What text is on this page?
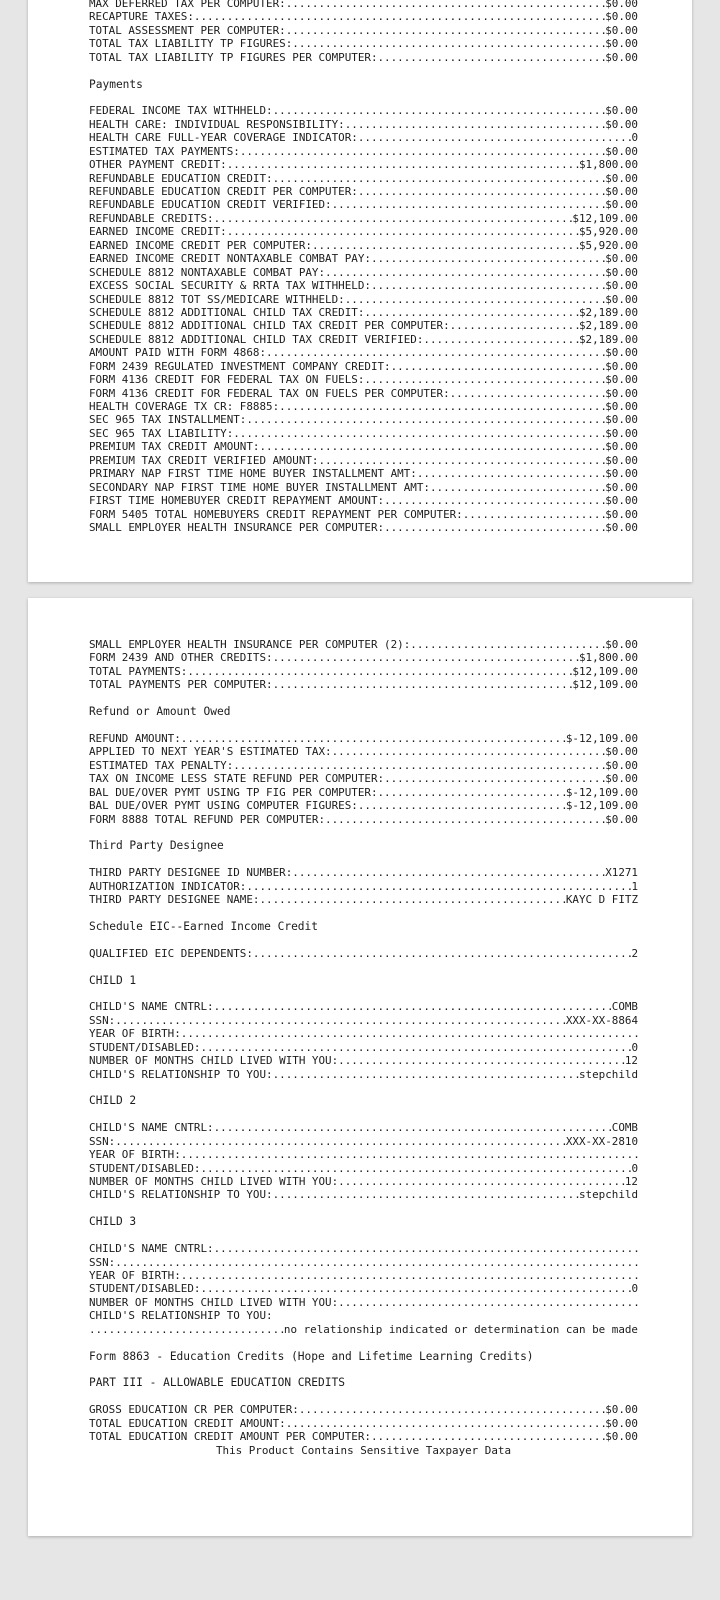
MAX DEFERRED TAX PER COMPUTER: .....	$0.00
RECAPTURE TAXES: .....	$0.00
TOTAL ASSESSMENT PER COMPUTER: .....	$0.00
TOTAL TAX LIABILITY TP FIGURES: .....	$0.00
TOTAL TAX LIABILITY TP FIGURES PER COMPUTER: .....	$0.00
Payments
FEDERAL INCOME TAX WITHHELD: .....	$0.00
HEALTH CARE: INDIVIDUAL RESPONSIBILITY: .....	$0.00
HEALTH CARE FULL-YEAR COVERAGE INDICATOR: .....	0
ESTIMATED TAX PAYMENTS: .....	$0.00
OTHER PAYMENT CREDIT: .....	$1,800.00
REFUNDABLE EDUCATION CREDIT: .....	$0.00
REFUNDABLE EDUCATION CREDIT PER COMPUTER: .....	$0.00
REFUNDABLE EDUCATION CREDIT VERIFIED: .....	$0.00
REFUNDABLE CREDITS: .....	$12,109.00
EARNED INCOME CREDIT: .....	$5,920.00
EARNED INCOME CREDIT PER COMPUTER: .....	$5,920.00
EARNED INCOME CREDIT NONTAXABLE COMBAT PAY: .....	$0.00
SCHEDULE 8812 NONTAXABLE COMBAT PAY: .....	$0.00
EXCESS SOCIAL SECURITY & RRTA TAX WITHHELD: .....	$0.00
SCHEDULE 8812 TOT SS/MEDICARE WITHHELD: .....	$0.00
SCHEDULE 8812 ADDITIONAL CHILD TAX CREDIT: .....	$2,189.00
SCHEDULE 8812 ADDITIONAL CHILD TAX CREDIT PER COMPUTER: .....	$2,189.00
SCHEDULE 8812 ADDITIONAL CHILD TAX CREDIT VERIFIED: .....	$2,189.00
AMOUNT PAID WITH FORM 4868: .....	$0.00
FORM 2439 REGULATED INVESTMENT COMPANY CREDIT: .....	$0.00
FORM 4136 CREDIT FOR FEDERAL TAX ON FUELS: .....	$0.00
FORM 4136 CREDIT FOR FEDERAL TAX ON FUELS PER COMPUTER: .....	$0.00
HEALTH COVERAGE TX CR: F8885: .....	$0.00
SEC 965 TAX INSTALLMENT: .....	$0.00
SEC 965 TAX LIABILITY: .....	$0.00
PREMIUM TAX CREDIT AMOUNT: .....	$0.00
PREMIUM TAX CREDIT VERIFIED AMOUNT: .....	$0.00
PRIMARY NAP FIRST TIME HOME BUYER INSTALLMENT AMT: .....	$0.00
SECONDARY NAP FIRST TIME HOME BUYER INSTALLMENT AMT: .....	$0.00
FIRST TIME HOMEBUYER CREDIT REPAYMENT AMOUNT: .....	$0.00
FORM 5405 TOTAL HOMEBUYERS CREDIT REPAYMENT PER COMPUTER: .....	$0.00
SMALL EMPLOYER HEALTH INSURANCE PER COMPUTER: .....	$0.00
SMALL EMPLOYER HEALTH INSURANCE PER COMPUTER (2): .....	$0.00
FORM 2439 AND OTHER CREDITS: .....	$1,800.00
TOTAL PAYMENTS: .....	$12,109.00
TOTAL PAYMENTS PER COMPUTER: .....	$12,109.00
Refund or Amount Owed
REFUND AMOUNT: .....	$-12,109.00
APPLIED TO NEXT YEAR'S ESTIMATED TAX: .....	$0.00
ESTIMATED TAX PENALTY: .....	$0.00
TAX ON INCOME LESS STATE REFUND PER COMPUTER: .....	$0.00
BAL DUE/OVER PYMT USING TP FIG PER COMPUTER: .....	$-12,109.00
BAL DUE/OVER PYMT USING COMPUTER FIGURES: .....	$-12,109.00
FORM 8888 TOTAL REFUND PER COMPUTER: .....	$0.00
Third Party Designee
THIRD PARTY DESIGNEE ID NUMBER: .....	X1271
AUTHORIZATION INDICATOR: .....	1
THIRD PARTY DESIGNEE NAME: .....	KAYC D FITZ
Schedule EIC--Earned Income Credit
QUALIFIED EIC DEPENDENTS: .....	2
CHILD 1
CHILD'S NAME CNTRL: .....	COMB
SSN: .....	XXX-XX-8864
YEAR OF BIRTH:
.....
STUDENT/DISABLED: .....	0
NUMBER OF MONTHS CHILD LIVED WITH YOU: .....	12
CHILD'S RELATIONSHIP TO YOU: .....	stepchild
CHILD 2
CHILD'S NAME CNTRL: .....	COMB
SSN: .....	XXX-XX-2810
YEAR OF BIRTH:
.....
STUDENT/DISABLED: .....	0
NUMBER OF MONTHS CHILD LIVED WITH YOU: .....	12
CHILD'S RELATIONSHIP TO YOU: .....	stepchild
CHILD 3
CHILD'S NAME CNTRL:
.....
SSN:
.....
YEAR OF BIRTH:
.....
STUDENT/DISABLED: .....	0
NUMBER OF MONTHS CHILD LIVED WITH YOU:
.....
CHILD'S RELATIONSHIP TO YOU:
.....
no relationship indicated or determination can be made
Form 8863 - Education Credits (Hope and Lifetime Learning Credits)
PART III - ALLOWABLE EDUCATION CREDITS
GROSS EDUCATION CR PER COMPUTER: .....	$0.00
TOTAL EDUCATION CREDIT AMOUNT: .....	$0.00
TOTAL EDUCATION CREDIT AMOUNT PER COMPUTER: .....	$0.00
This Product Contains Sensitive Taxpayer Data
